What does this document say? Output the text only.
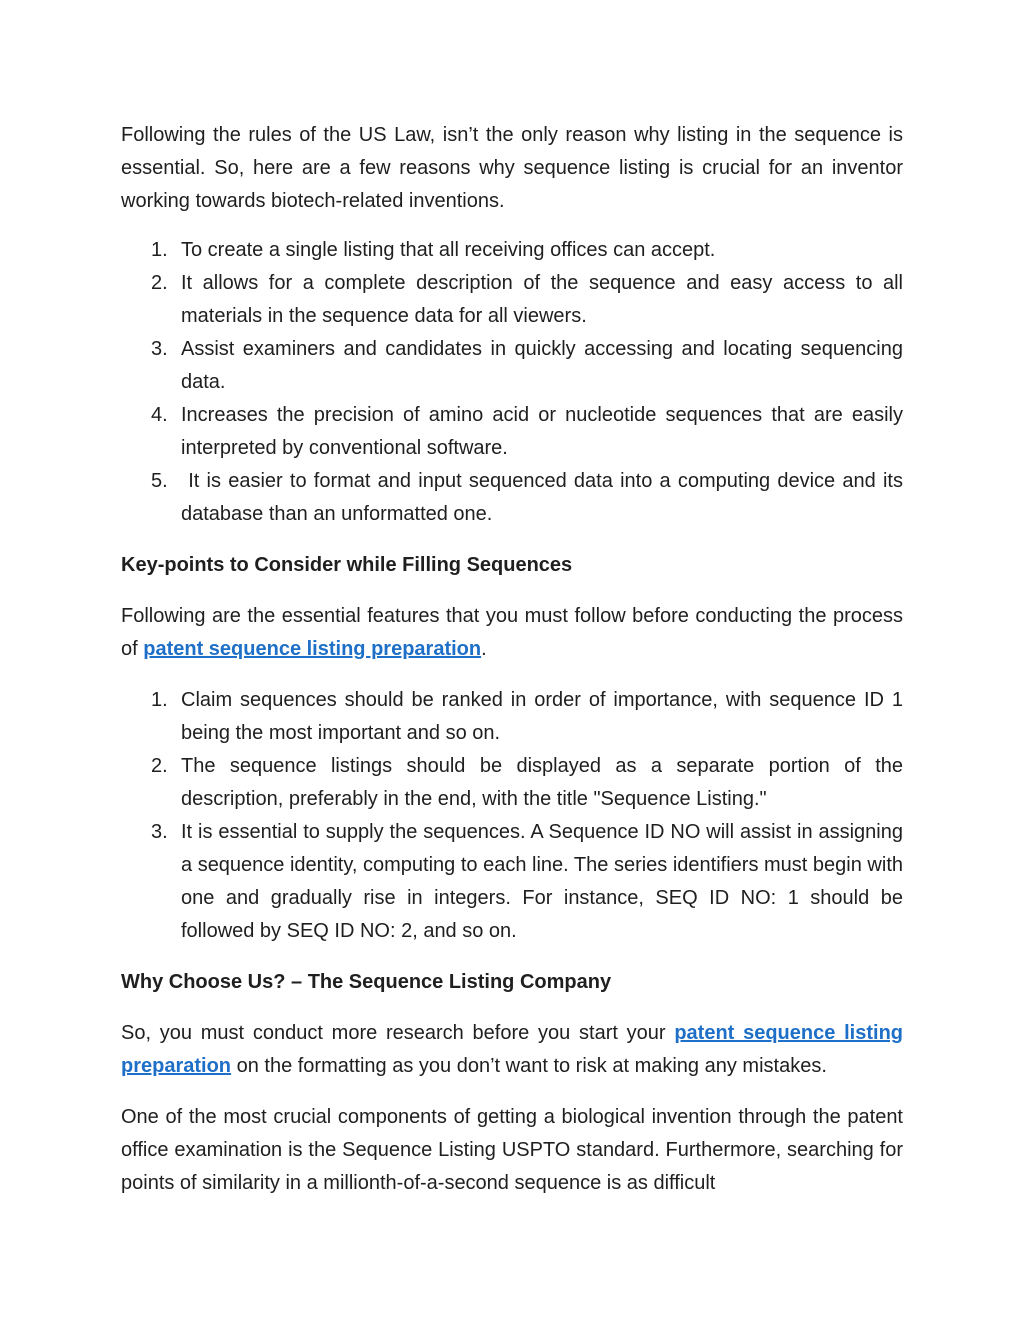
Following the rules of the US Law, isn’t the only reason why listing in the sequence is essential. So, here are a few reasons why sequence listing is crucial for an inventor working towards biotech-related inventions.

1. To create a single listing that all receiving offices can accept.
2. It allows for a complete description of the sequence and easy access to all materials in the sequence data for all viewers.
3. Assist examiners and candidates in quickly accessing and locating sequencing data.
4. Increases the precision of amino acid or nucleotide sequences that are easily interpreted by conventional software.
5. It is easier to format and input sequenced data into a computing device and its database than an unformatted one.
Key-points to Consider while Filling Sequences

Following are the essential features that you must follow before conducting the process of patent sequence listing preparation.

1. Claim sequences should be ranked in order of importance, with sequence ID 1 being the most important and so on.
2. The sequence listings should be displayed as a separate portion of the description, preferably in the end, with the title "Sequence Listing."
3. It is essential to supply the sequences. A Sequence ID NO will assist in assigning a sequence identity, computing to each line. The series identifiers must begin with one and gradually rise in integers. For instance, SEQ ID NO: 1 should be followed by SEQ ID NO: 2, and so on.
Why Choose Us? – The Sequence Listing Company

So, you must conduct more research before you start your patent sequence listing preparation on the formatting as you don’t want to risk at making any mistakes.

One of the most crucial components of getting a biological invention through the patent office examination is the Sequence Listing USPTO standard. Furthermore, searching for points of similarity in a millionth-of-a-second sequence is as difficult
